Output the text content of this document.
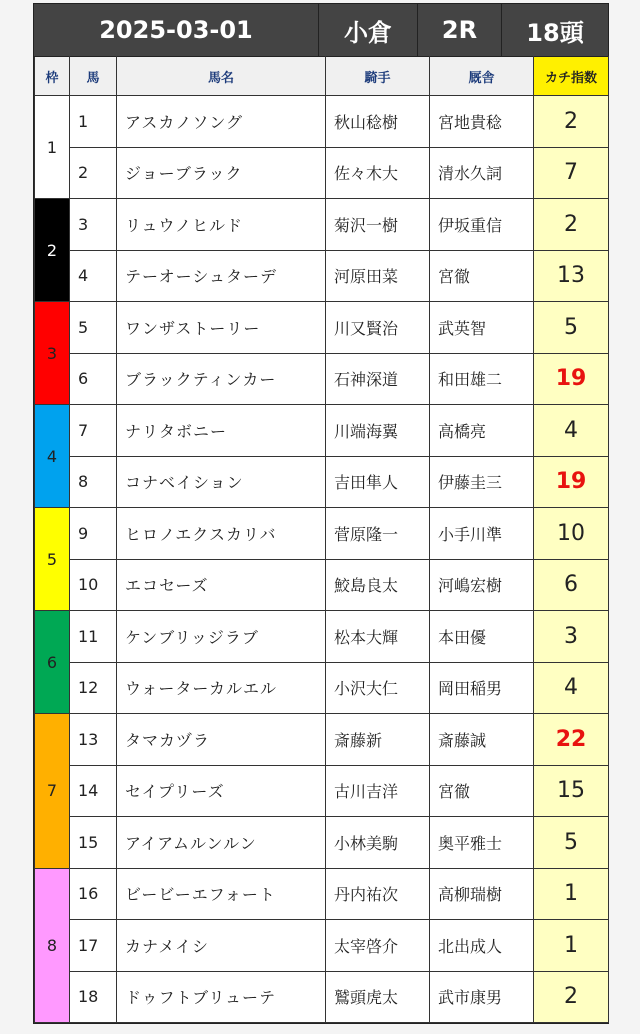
2025-03-01	小倉	2R	18頭
枠	馬	馬名	騎手	厩舎	カチ指数
1	1	アスカノソング	秋山稔樹	宮地貴稔	2
	2	ジョーブラック	佐々木大	清水久詞	7
2	3	リュウノヒルド	菊沢一樹	伊坂重信	2
	4	テーオーシュターデ	河原田菜	宮徹	13
3	5	ワンザストーリー	川又賢治	武英智	5
	6	ブラックティンカー	石神深道	和田雄二	19
4	7	ナリタボニー	川端海翼	高橋亮	4
	8	コナベイション	吉田隼人	伊藤圭三	19
5	9	ヒロノエクスカリバ	菅原隆一	小手川準	10
	10	エコセーズ	鮫島良太	河嶋宏樹	6
6	11	ケンブリッジラブ	松本大輝	本田優	3
	12	ウォーターカルエル	小沢大仁	岡田稲男	4
7	13	タマカヅラ	斎藤新	斎藤誠	22
	14	セイプリーズ	古川吉洋	宮徹	15
	15	アイアムルンルン	小林美駒	奥平雅士	5
8	16	ビービーエフォート	丹内祐次	高柳瑞樹	1
	17	カナメイシ	太宰啓介	北出成人	1
	18	ドゥフトブリューテ	鷲頭虎太	武市康男	2
